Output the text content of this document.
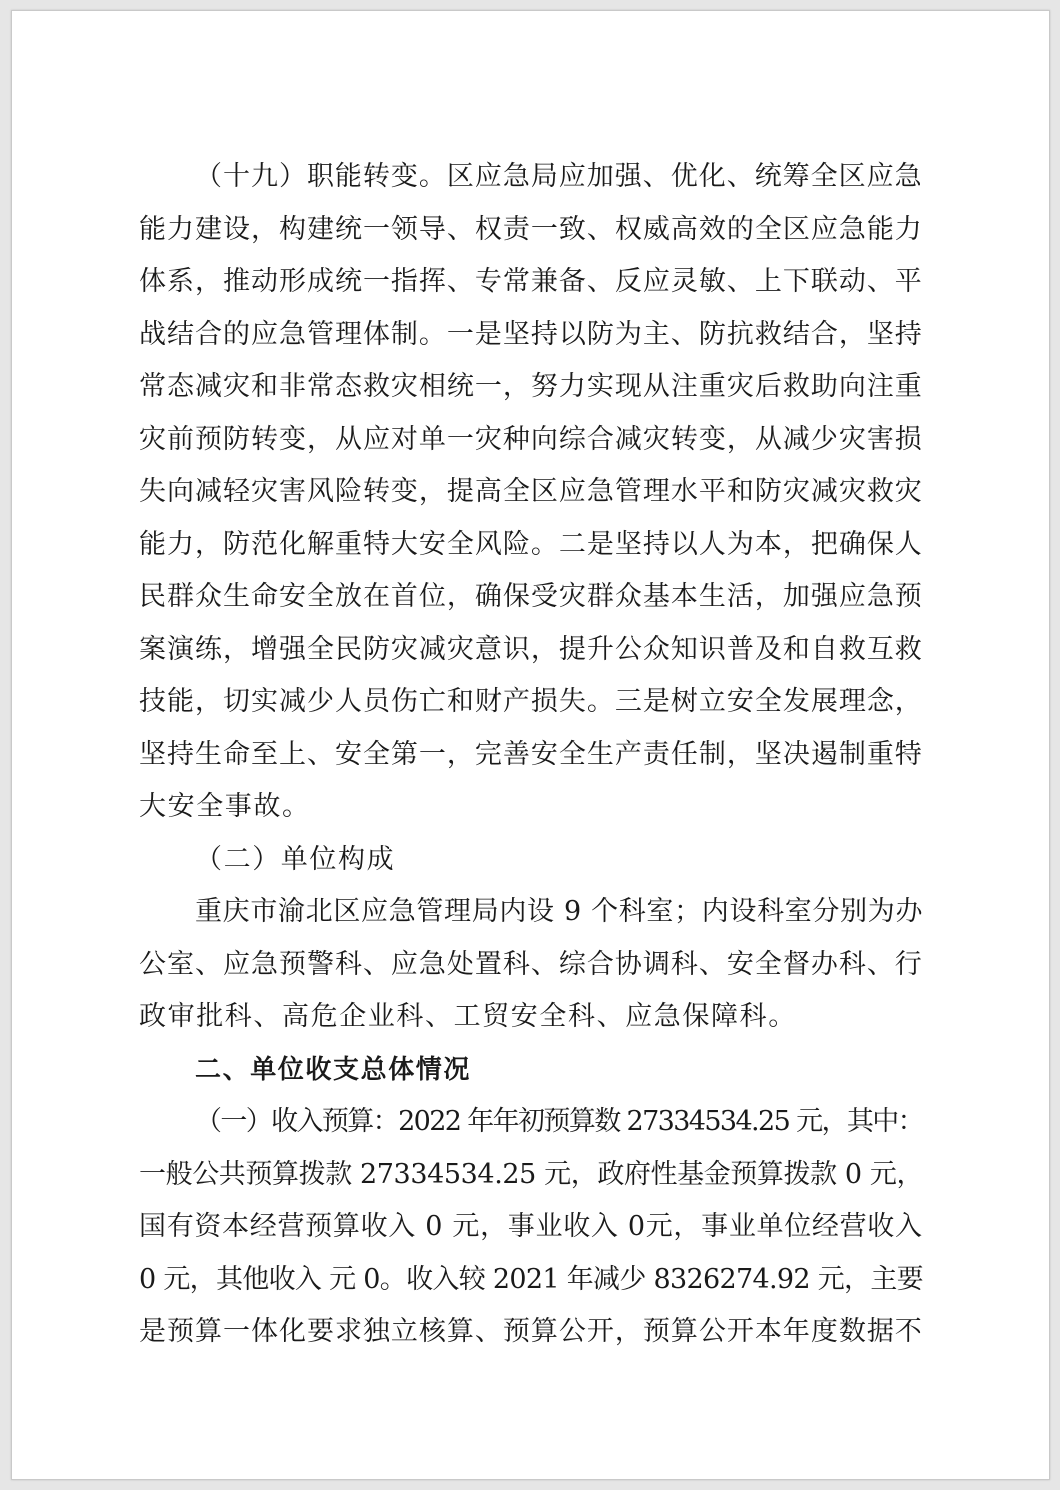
（十九）职能转变。区应急局应加强、优化、统筹全区应急
能力建设，构建统一领导、权责一致、权威高效的全区应急能力
体系，推动形成统一指挥、专常兼备、反应灵敏、上下联动、平
战结合的应急管理体制。一是坚持以防为主、防抗救结合，坚持
常态减灾和非常态救灾相统一，努力实现从注重灾后救助向注重
灾前预防转变，从应对单一灾种向综合减灾转变，从减少灾害损
失向减轻灾害风险转变，提高全区应急管理水平和防灾减灾救灾
能力，防范化解重特大安全风险。二是坚持以人为本，把确保人
民群众生命安全放在首位，确保受灾群众基本生活，加强应急预
案演练，增强全民防灾减灾意识，提升公众知识普及和自救互救
技能，切实减少人员伤亡和财产损失。三是树立安全发展理念，
坚持生命至上、安全第一，完善安全生产责任制，坚决遏制重特
大安全事故。
（二）单位构成
重庆市渝北区应急管理局内设 9 个科室；内设科室分别为办
公室、应急预警科、应急处置科、综合协调科、安全督办科、行
政审批科、高危企业科、工贸安全科、应急保障科。
二、单位收支总体情况
（一）收入预算：2022 年年初预算数 27334534.25 元，其中：
一般公共预算拨款 27334534.25 元，政府性基金预算拨款 0 元，
国有资本经营预算收入 0 元，事业收入 0元，事业单位经营收入
0 元，其他收入 元 0。收入较 2021 年减少 8326274.92 元，主要
是预算一体化要求独立核算、预算公开，预算公开本年度数据不
